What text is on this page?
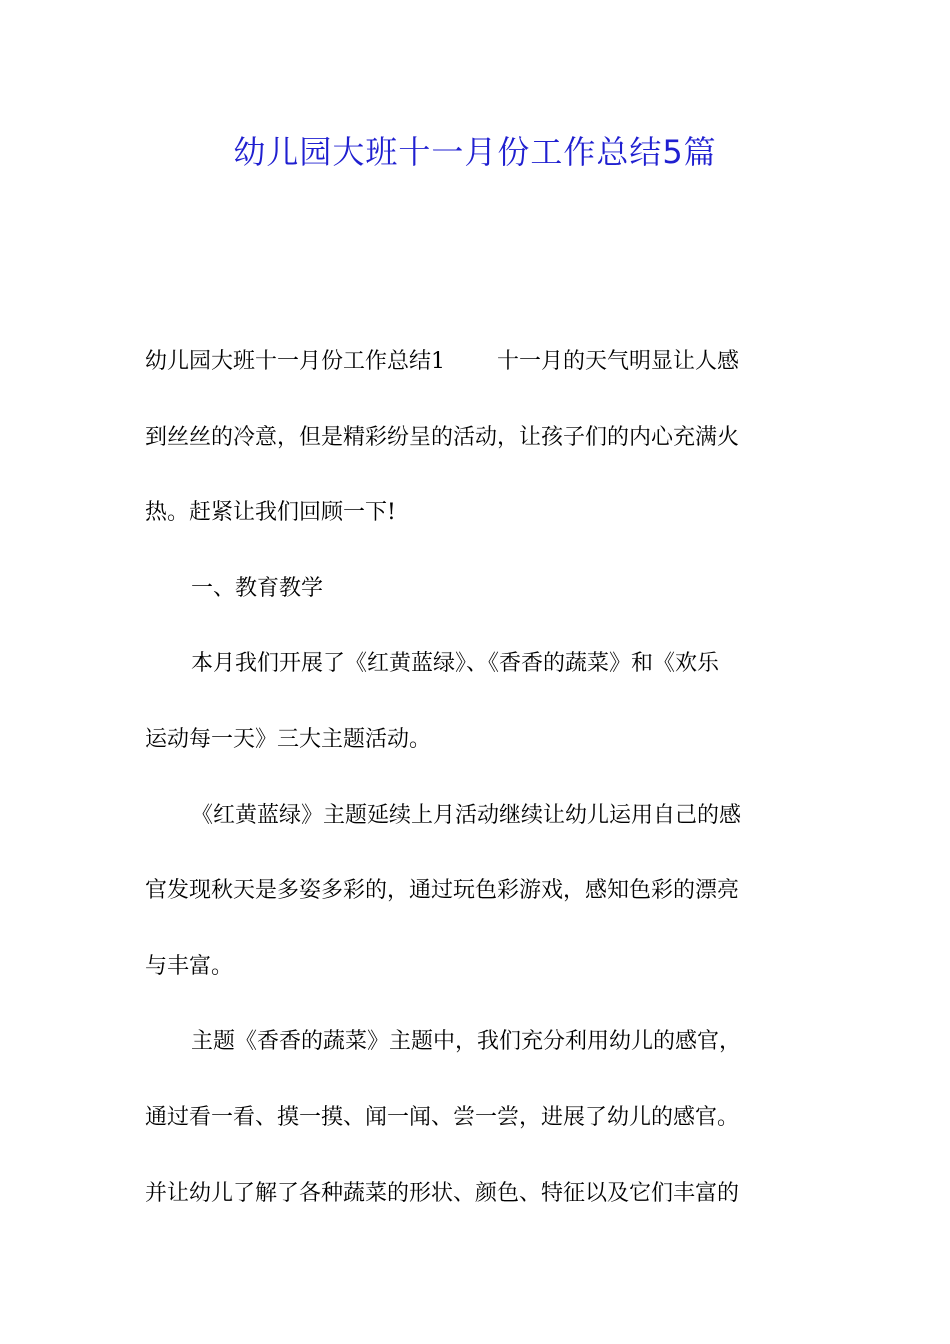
幼儿园大班十一月份工作总结5篇
幼儿园大班十一月份工作总结1 十一月的天气明显让人感
到丝丝的冷意，但是精彩纷呈的活动，让孩子们的内心充满火
热。赶紧让我们回顾一下!
一、教育教学
本月我们开展了《红黄蓝绿》、《香香的蔬菜》和《欢乐
运动每一天》三大主题活动。
《红黄蓝绿》主题延续上月活动继续让幼儿运用自己的感
官发现秋天是多姿多彩的，通过玩色彩游戏，感知色彩的漂亮
与丰富。
主题《香香的蔬菜》主题中，我们充分利用幼儿的感官，
通过看一看、摸一摸、闻一闻、尝一尝，进展了幼儿的感官。
并让幼儿了解了各种蔬菜的形状、颜色、特征以及它们丰富的
